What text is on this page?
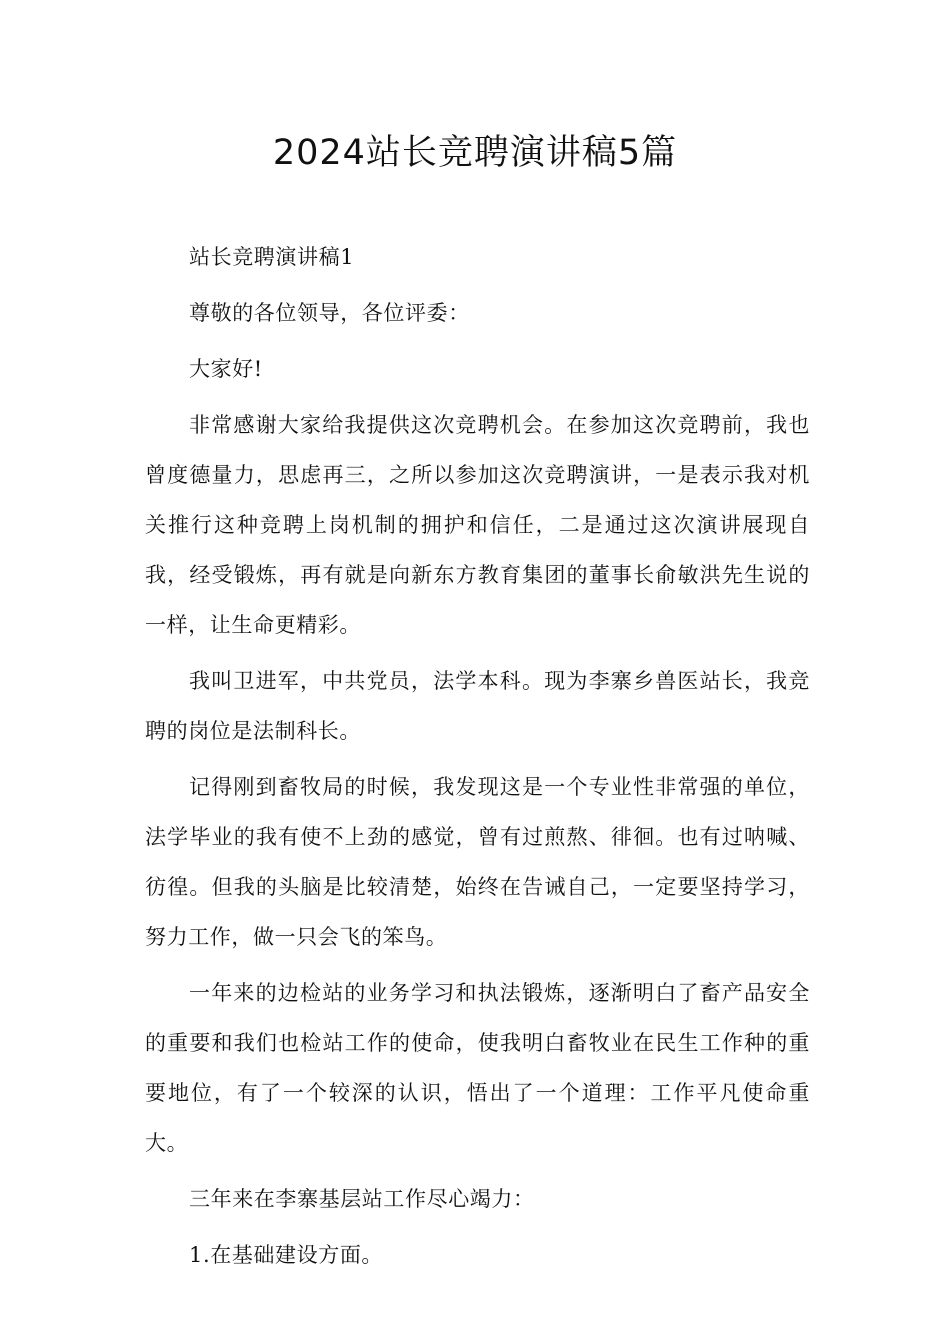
2024站长竞聘演讲稿5篇

站长竞聘演讲稿1

尊敬的各位领导，各位评委：

大家好!

非常感谢大家给我提供这次竞聘机会。在参加这次竞聘前，我也曾度德量力，思虑再三，之所以参加这次竞聘演讲，一是表示我对机关推行这种竞聘上岗机制的拥护和信任，二是通过这次演讲展现自我，经受锻炼，再有就是向新东方教育集团的董事长俞敏洪先生说的一样，让生命更精彩。

我叫卫进军，中共党员，法学本科。现为李寨乡兽医站长，我竞聘的岗位是法制科长。

记得刚到畜牧局的时候，我发现这是一个专业性非常强的单位，法学毕业的我有使不上劲的感觉，曾有过煎熬、徘徊。也有过呐喊、彷徨。但我的头脑是比较清楚，始终在告诫自己，一定要坚持学习，努力工作，做一只会飞的笨鸟。

一年来的边检站的业务学习和执法锻炼，逐渐明白了畜产品安全的重要和我们也检站工作的使命，使我明白畜牧业在民生工作种的重要地位，有了一个较深的认识，悟出了一个道理：工作平凡使命重大。

三年来在李寨基层站工作尽心竭力：

1.在基础建设方面。
